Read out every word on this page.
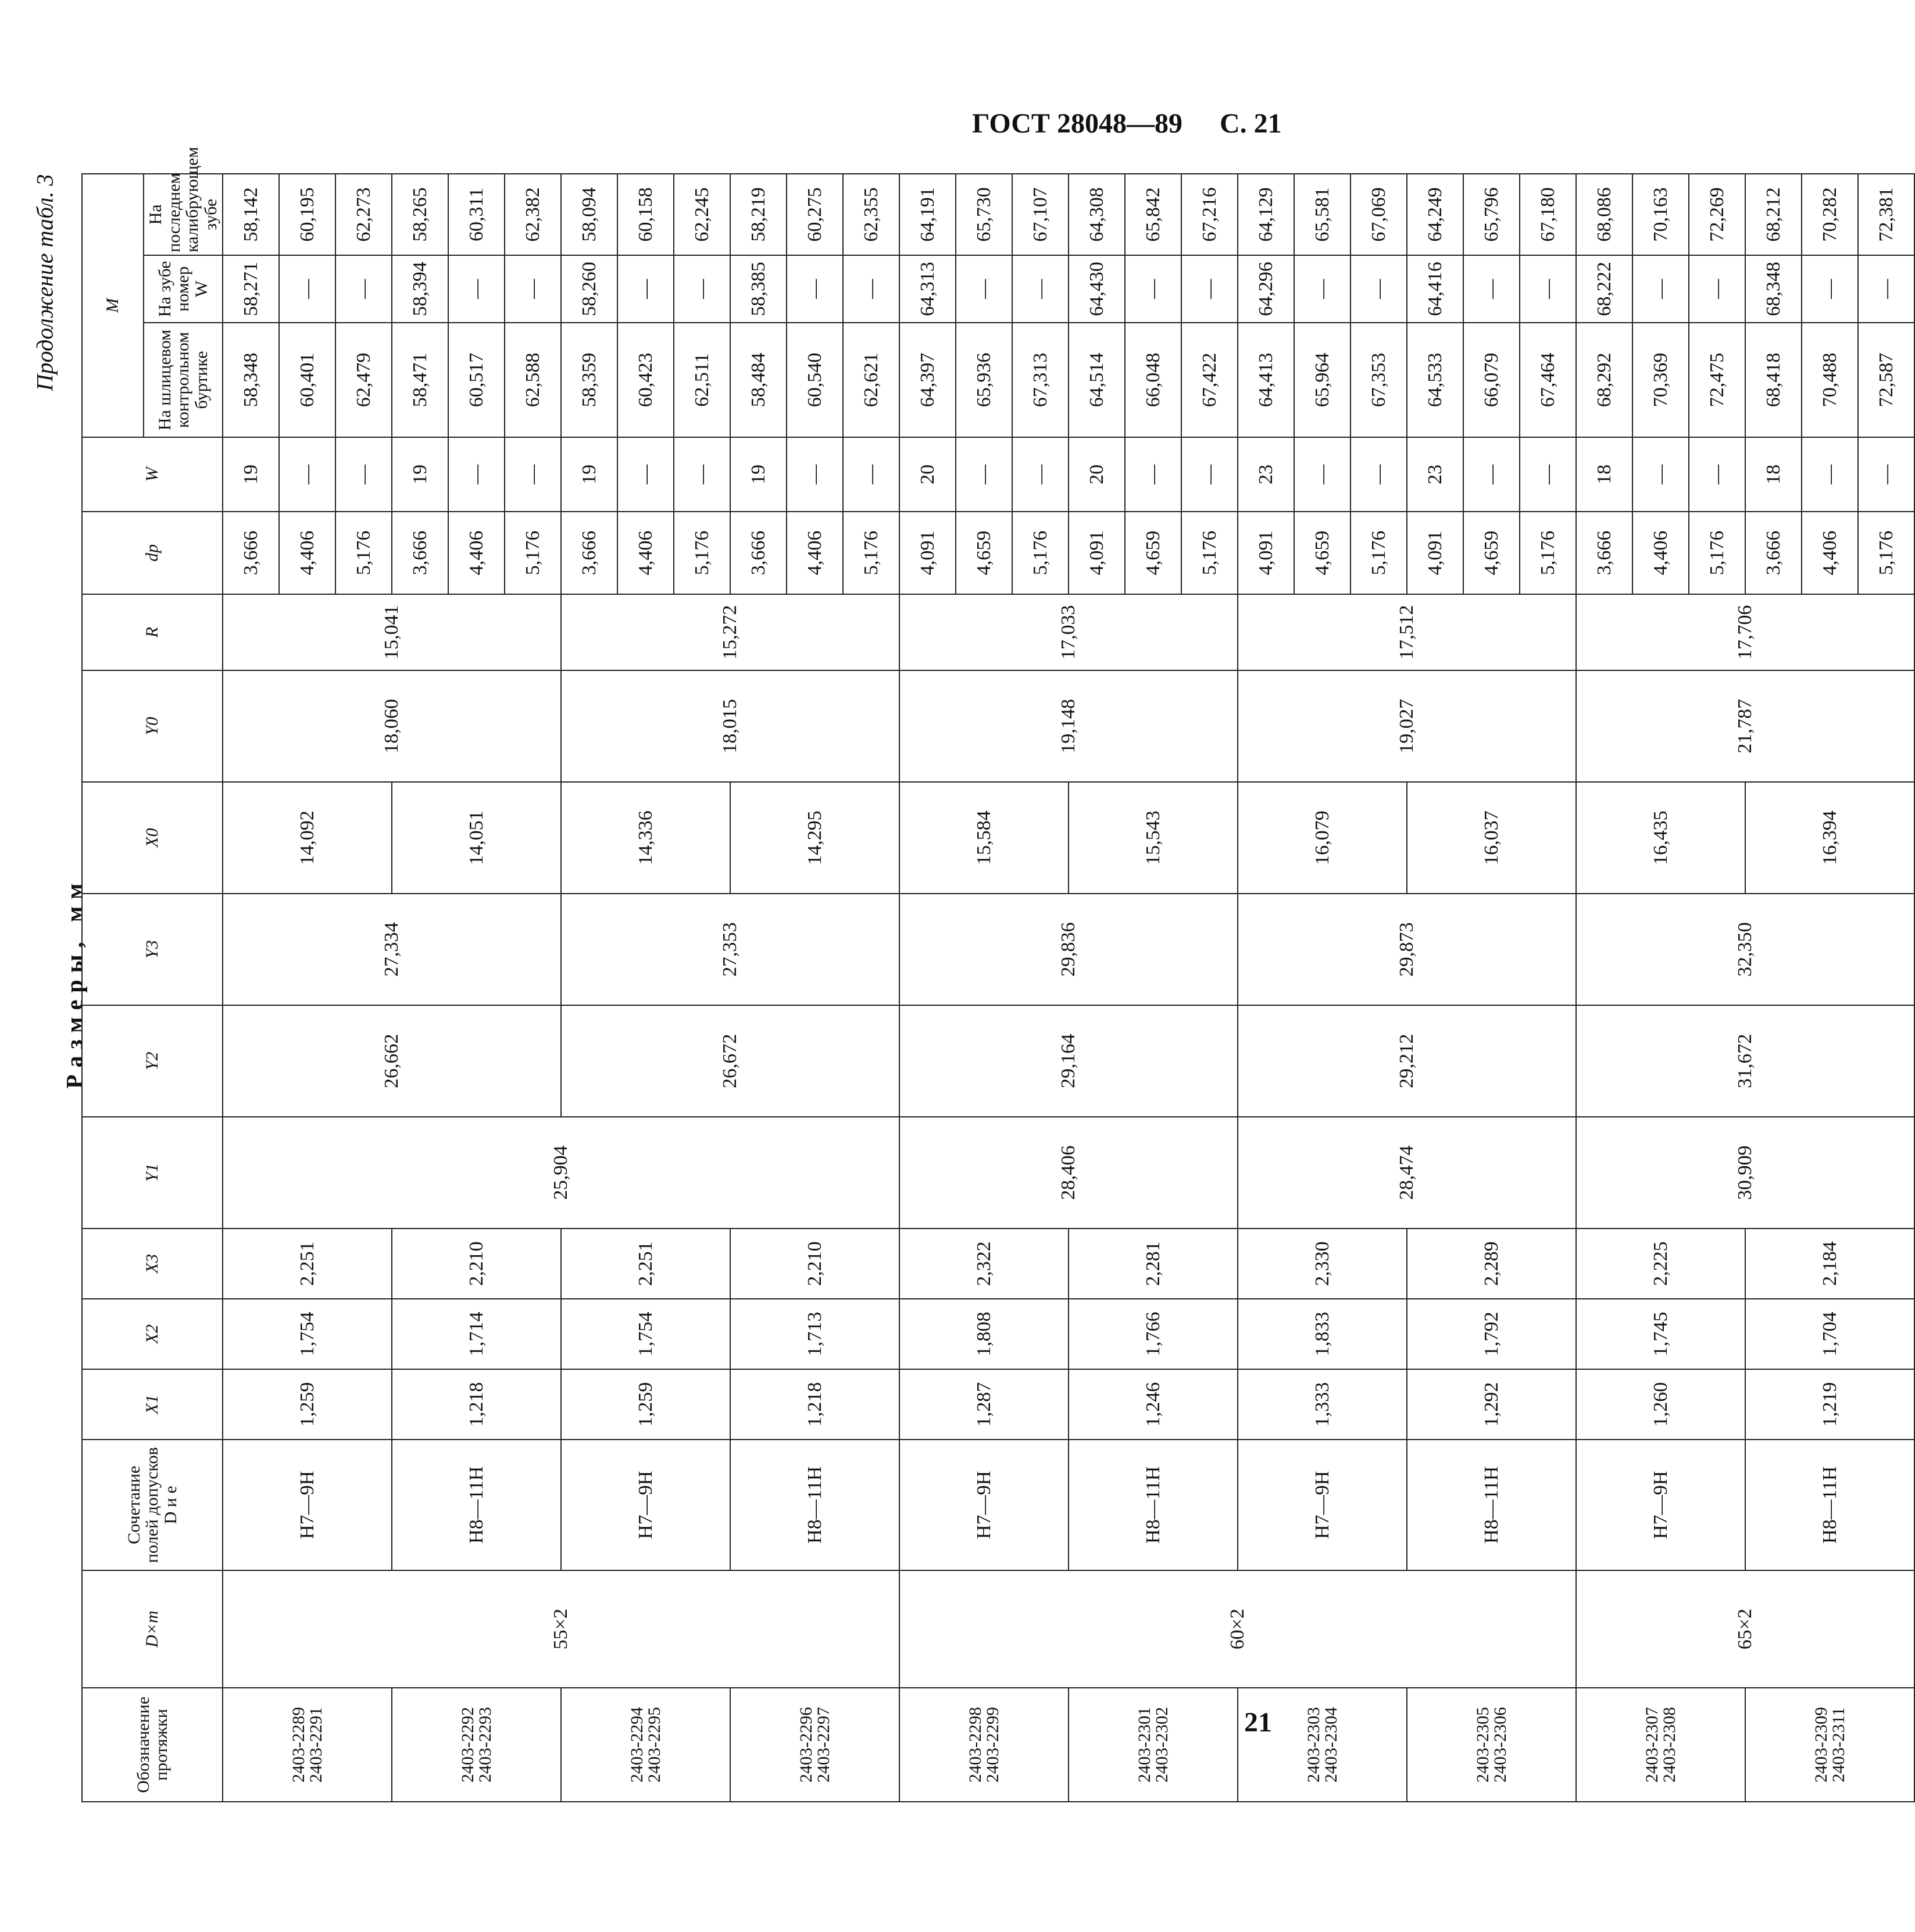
ГОСТ 28048—89 С. 21
Продолжение табл. 3
Размеры, мм
Обозначение протяжки	D×m	Сочетание полей допусков D и e	X1	X2	X3	Y1	Y2	Y3	X0	Y0	R	dp	W	M		
														На шлицевом контрольном буртике	На зубе номер W	На последнем калибрующем зубе

2403-2289
2403-2291	55×2	H7—9H	1,259	1,754	2,251	25,904	26,662	27,334	14,092	18,060	15,041	3,666	19	58,348	58,271	58,142
												4,406	—	60,401	—	60,195
												5,176	—	62,479	—	62,273

2403-2292
2403-2293		H8—11H	1,218	1,714	2,210				14,051			3,666	19	58,471	58,394	58,265
												4,406	—	60,517	—	60,311
												5,176	—	62,588	—	62,382

2403-2294
2403-2295		H7—9H	1,259	1,754	2,251		26,672	27,353	14,336	18,015	15,272	3,666	19	58,359	58,260	58,094
												4,406	—	60,423	—	60,158
												5,176	—	62,511	—	62,245

2403-2296
2403-2297		H8—11H	1,218	1,713	2,210				14,295			3,666	19	58,484	58,385	58,219
												4,406	—	60,540	—	60,275
												5,176	—	62,621	—	62,355

2403-2298
2403-2299	60×2	H7—9H	1,287	1,808	2,322	28,406	29,164	29,836	15,584	19,148	17,033	4,091	20	64,397	64,313	64,191
												4,659	—	65,936	—	65,730
												5,176	—	67,313	—	67,107

2403-2301
2403-2302		H8—11H	1,246	1,766	2,281				15,543			4,091	20	64,514	64,430	64,308
												4,659	—	66,048	—	65,842
												5,176	—	67,422	—	67,216

2403-2303
2403-2304		H7—9H	1,333	1,833	2,330	28,474	29,212	29,873	16,079	19,027	17,512	4,091	23	64,413	64,296	64,129
												4,659	—	65,964	—	65,581
												5,176	—	67,353	—	67,069

2403-2305
2403-2306		H8—11H	1,292	1,792	2,289				16,037			4,091	23	64,533	64,416	64,249
												4,659	—	66,079	—	65,796
												5,176	—	67,464	—	67,180

2403-2307
2403-2308	65×2	H7—9H	1,260	1,745	2,225	30,909	31,672	32,350	16,435	21,787	17,706	3,666	18	68,292	68,222	68,086
												4,406	—	70,369	—	70,163
												5,176	—	72,475	—	72,269

2403-2309
2403-2311		H8—11H	1,219	1,704	2,184				16,394			3,666	18	68,418	68,348	68,212
												4,406	—	70,488	—	70,282
												5,176	—	72,587	—	72,381
21
